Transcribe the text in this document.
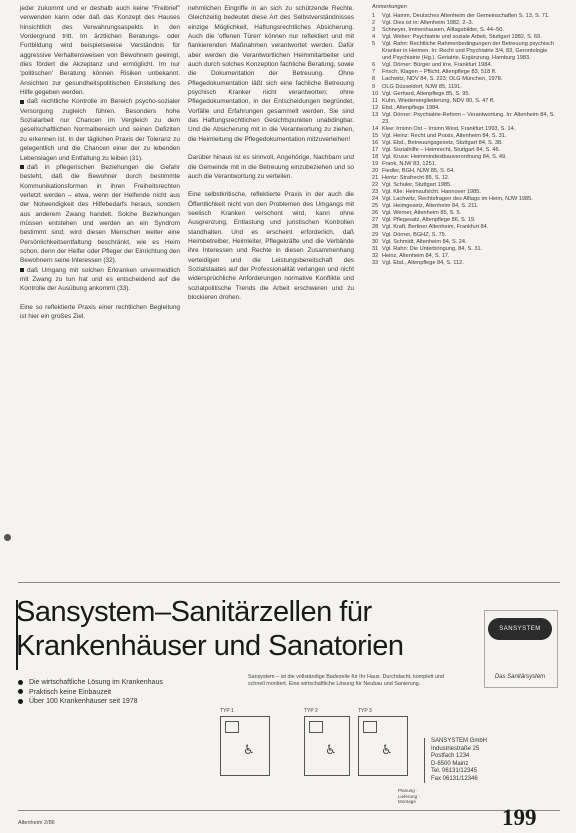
jeder zukommt und er deshalb auch keine "Freibrief" verwenden kann oder daß das Konzept des Hauses hinsichtlich des Verwahrungsaspekts in den Vordergrund tritt. Im ärztlichen Beratungs- oder Fortbildung wird beispielsweise Verständnis für aggressive Verhaltensweisen von Bewohnern geeinigt, dies fördert die Akzeptanz und ermöglicht. Im nur 'politischen' Beratung können Risiken unbekannt. Ansichten zur gesundheitspolitischen Einstellung des Hilfe gegeben werden.

daß rechtliche Kontrolle im Bereich psycho-sozialer Versorgung zugleich führen. Besonders hohe Sozialarbeit nur Chancen im Vergleich zu dem gesellschaftlichen Normalbereich und seinen Defiziten zu erkennen ist. In der täglichen Praxis der Toleranz zu gelegentlich und die Chancen einer der zu lebenden Lebenslagen und Entfaltung zu leiben (31).

daß in pflegerischen Beziehungen die Gefahr besteht, daß die Bewohner durch bestimmte Kommunikationsformen in ihren Freiheitsrechten verletzt werden – etwa, wenn der Helfende nicht aus der Notwendigkeit des Hilfebedarfs heraus, sondern aus anderem Zwang handelt. Solche Beziehungen müssen entstehen und werden an ein Syndrom bestimmt sind; wird diesen Menschen weiter eine Persönlichkeitsentfaltung beschränkt, wie es Heim schon, denn der Helfer oder Pfleger der Einrichtung den Bewohnern seine Interessen (32).

daß Umgang mit solchen Erkranken unvermeidlich mit Zwang zu tun hat und es entscheidend auf die Kontrolle der Ausübung ankommt (33).

Eine so reflektierte Praxis einer rechtlichen Begleitung ist hier ein großes Ziel.

nehmlichen Eingriffe in an sich zu schützende Rechte. Gleichzeitig bedeutet diese Art des Selbstverständnisses einzige Möglichkeit, Haftungsrechtliches Absicherung. Auch die 'offenen Türen' können nur reflektiert und mit flankierenden Maßnahmen verantwortet werden. Dafür aber werden die Verantwortlichen Heimmitarbeiter und auch durch solches Konzeption fachliche Beratung, sowie die Dokumentation der Betreuung. Ohne Pflegedokumentation läßt sich eine fachliche Betreuung psychisch Kranker nicht verantworten; ohne Pflegedokumentation, in der Entscheidungen begründet, Vorfälle und Erfahrungen gesammelt werden. Sie sind das Haftungsrechtlichen Gesichtspunkten unabdingbar. Und die Absicherung mit in die Verantwortung zu ziehen, die Heimleitung die Pflegedokumentation mitzuverleihen!

Darüber hinaus ist es sinnvoll, Angehörige, Nachbarn und die Gemeinde mit in die Betreuung einzubeziehen und so auch die Verantwortung zu verteilen.

Eine selbstkritische, reflektierte Praxis in der auch die Öffentlichkeit nicht von den Problemen des Umgangs mit seelisch Kranken verschont wird, kann ohne Ausgrenzung, Entlastung und juristischen Kontrollen standhalten. Und es erscheint erforderlich, daß Heimbetreiber, Heimleiter, Pflegekräfte und die Verbände ihre Interessen und Rechte in diesen Zusammenhang verteidigen und die Leistungsbereitschaft des Sozialstaates auf der Professionalität verlangen und nicht widersprüchliche Anforderungen normative Konflikte und sozialpolitische Trends die Arbeit erschweren und zu blockieren drohen.

Anmerkungen
1	Vgl. Hamm, Deutsches Altenheim der Gemeinschaften S. 13, S. 71.
2	Vgl. Dies ist in: Altenheim 1982, 2–3.
3	Schneyer, Immenhausen, Alltagsbilder, S. 44–50.
4	Vgl. Weber: Psychiatrie und soziale Arbeit, Stuttgart 1982, S. 69.
5	Vgl. Rahn: Rechtliche Rahmenbedingungen der Betreuung psychisch Kranker in Heimen. In: Recht und Psychiatrie 3/4, 83, Gerontologie und Psychiatrie (Hg.). Geriatrie, Ergänzung, Hamburg 1983.
6	Vgl. Dörner: Bürger und Irre, Frankfurt 1984.
7	Frisch, Klagen – Pflicht, Altenpflege 83, 518 ff.
8	Lachwitz, NDV 84, S. 223; OLG München, 1978.
9	OLG Düsseldorf, NJW 85, 1191.
10 Vgl. Gerhard, Altenpflege 85, S. 95.
11 Kuhn, Wiedereingliederung, NDV 80, S. 47 ff.
12 Ebd., Altenpflege 1984.
13 Vgl. Dörner: Psychiatrie-Reform – Verantwortung. In: Altenheim 84, S. 23.
14 Klee: Irrsinn Ost – Irrsinn West, Frankfurt 1993, S. 14.
15 Vgl. Heinz: Recht und Praxis, Altenheim 84, S. 31.
16 Vgl. Ebd., Betreuungsgesetz, Stuttgart 84, S. 38.
17 Vgl. Sozialhilfe – Heimrecht, Stuttgart 84, S. 46.
18 Vgl. Kruse: Heimmindestbauverordnung 84, S. 49.
19 Frank, NJW 83, 1251.
20 Fiedler, BGH, NJW 85, S. 64.
21 Hentz: Strafrecht 85, S. 12.
22 Vgl. Schuler, Stuttgart 1985.
23 Vgl. Klie: Heimaufsicht. Hannover 1985.
24 Vgl. Lachwitz, Rechtsfragen des Alltags im Heim, NJW 1985.
25 Vgl. Heimgesetz, Altenheim 84, S. 211.
26 Vgl. Werner, Altenheim 85, S. 5.
27 Vgl. Pflegesatz, Altenpflege 86, S. 19.
28 Vgl. Kraft, Berliner Altenheim, Frankfurt 84.
29 Vgl. Dörner, BGHZ, S. 75.
30 Vgl. Schmidt, Altenheim 84, S. 24.
31 Vgl. Rahn: Die Unterbringung, 84, S. 31.
32 Heinz, Altenheim 84, S. 17.
33 Vgl. Ebd., Altenpflege 84, S. 112.
Sansystem–Sanitärzellen für
Krankenhäuser und Sanatorien
Die wirtschaftliche Lösung im Krankenhaus
Praktisch keine Einbauzeit
Über 100 Krankenhäuser seit 1978
Sansystem – ist die vollständige Badezelle für Ihr Haus. Durchdacht, komplett und schnell montiert. Eine wirtschaftliche Lösung für Neubau und Sanierung.
SANSYSTEM
Das Sanitärsystem
TYP 1
♿
TYP 2
♿
TYP 3
♿
SANSYSTEM GmbH
Industriestraße 25
Postfach 1234
D-6500 Mainz
Tel. 06131/12345
Fax 06131/12346
Planung · Lieferung · Montage
Altenheim 2/86	199
